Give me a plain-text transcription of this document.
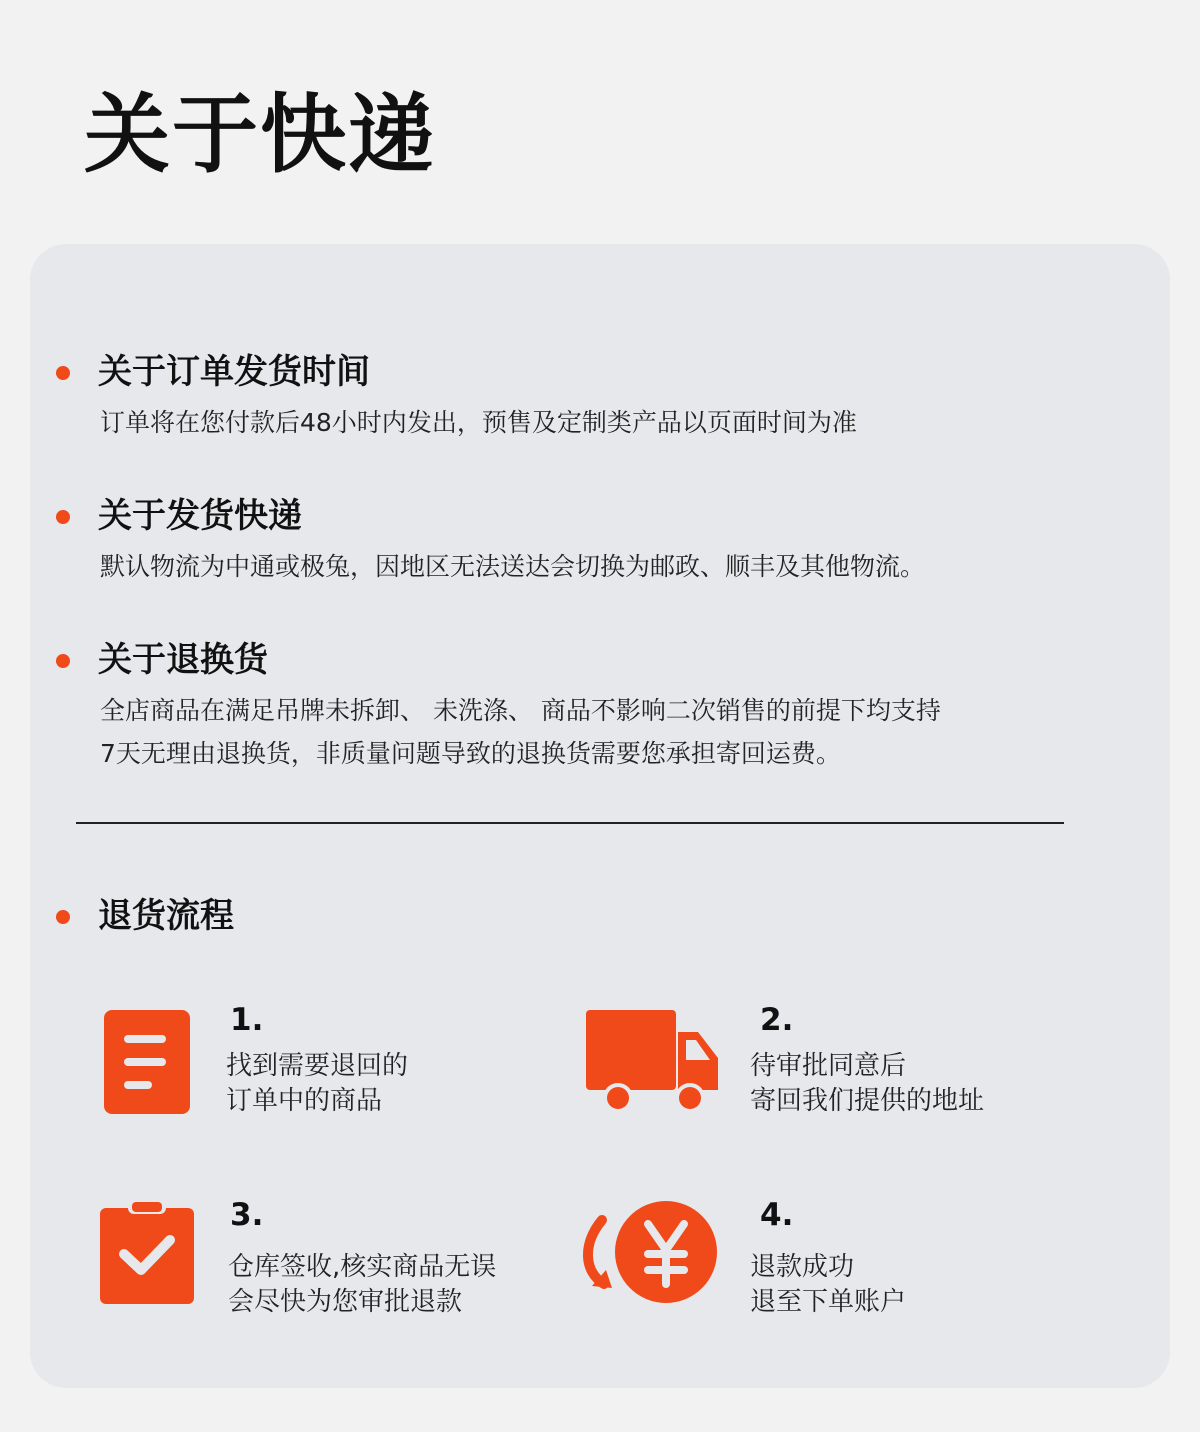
关于快递
关于订单发货时间

订单将在您付款后48小时内发出，预售及定制类产品以页面时间为准

关于发货快递

默认物流为中通或极兔，因地区无法送达会切换为邮政、顺丰及其他物流。

关于退换货

全店商品在满足吊牌未拆卸、 未洗涤、 商品不影响二次销售的前提下均支持

7天无理由退换货，非质量问题导致的退换货需要您承担寄回运费。

退货流程
1.
找到需要退回的
订单中的商品
2.
待审批同意后
寄回我们提供的地址
3.
仓库签收,核实商品无误
会尽快为您审批退款
4.
退款成功
退至下单账户
